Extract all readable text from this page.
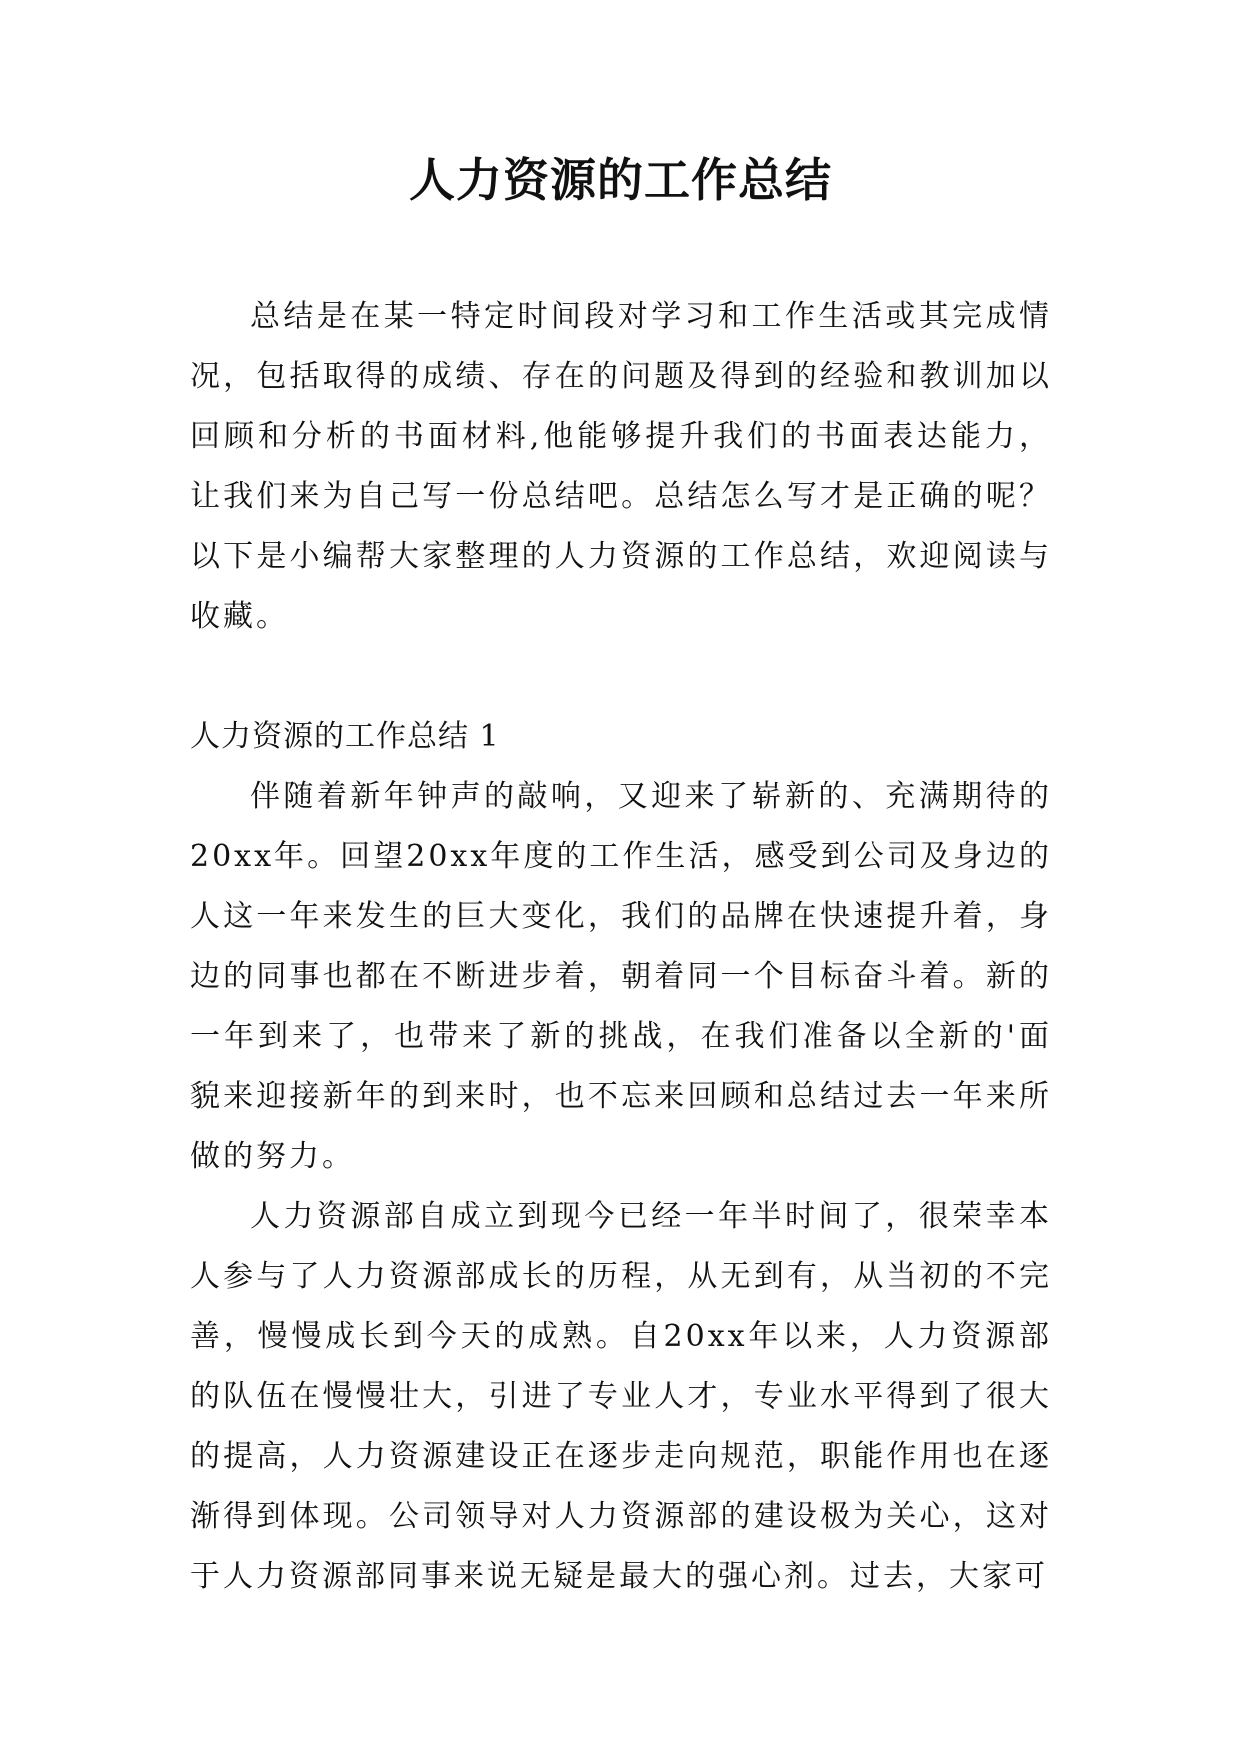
人力资源的工作总结

总结是在某一特定时间段对学习和工作生活或其完成情况，包括取得的成绩、存在的问题及得到的经验和教训加以回顾和分析的书面材料,他能够提升我们的书面表达能力，让我们来为自己写一份总结吧。总结怎么写才是正确的呢？以下是小编帮大家整理的人力资源的工作总结，欢迎阅读与收藏。

人力资源的工作总结 1

伴随着新年钟声的敲响，又迎来了崭新的、充满期待的20xx年。回望20xx年度的工作生活，感受到公司及身边的人这一年来发生的巨大变化，我们的品牌在快速提升着，身边的同事也都在不断进步着，朝着同一个目标奋斗着。新的一年到来了，也带来了新的挑战，在我们准备以全新的'面貌来迎接新年的到来时，也不忘来回顾和总结过去一年来所做的努力。

人力资源部自成立到现今已经一年半时间了，很荣幸本人参与了人力资源部成长的历程，从无到有，从当初的不完善，慢慢成长到今天的成熟。自20xx年以来，人力资源部的队伍在慢慢壮大，引进了专业人才，专业水平得到了很大的提高，人力资源建设正在逐步走向规范，职能作用也在逐渐得到体现。公司领导对人力资源部的建设极为关心，这对于人力资源部同事来说无疑是最大的强心剂。过去，大家可
